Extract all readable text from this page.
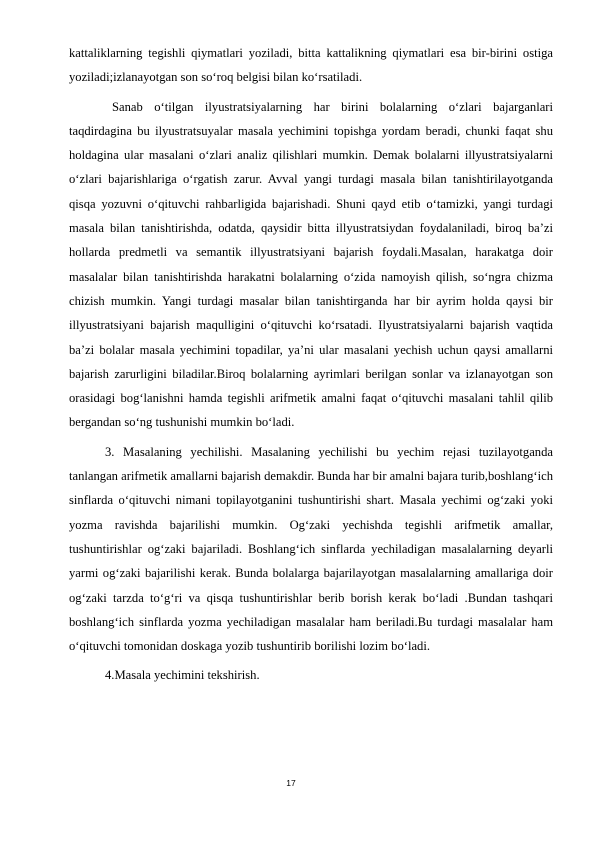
kattaliklarning tegishli qiymatlari yoziladi, bitta kattalikning qiymatlari esa bir-birini ostiga yoziladi;izlanayotgan son so‘roq belgisi bilan ko‘rsatiladi.

Sanab o‘tilgan ilyustratsiyalarning har birini bolalarning o‘zlari bajarganlari taqdirdagina bu ilyustratsuyalar masala yechimini topishga yordam beradi, chunki faqat shu holdagina ular masalani o‘zlari analiz qilishlari mumkin. Demak bolalarni illyustratsiyalarni o‘zlari bajarishlariga o‘rgatish zarur. Avval yangi turdagi masala bilan tanishtirilayotganda qisqa yozuvni o‘qituvchi rahbarligida bajarishadi. Shuni qayd etib o‘tamizki, yangi turdagi masala bilan tanishtirishda, odatda, qaysidir bitta illyustratsiydan foydalaniladi, biroq ba’zi hollarda predmetli va semantik illyustratsiyani bajarish foydali.Masalan, harakatga doir masalalar bilan tanishtirishda harakatni bolalarning o‘zida namoyish qilish, so‘ngra chizma chizish mumkin. Yangi turdagi masalar bilan tanishtirganda har bir ayrim holda qaysi bir illyustratsiyani bajarish maqulligini o‘qituvchi ko‘rsatadi. Ilyustratsiyalarni bajarish vaqtida ba’zi bolalar masala yechimini topadilar, ya’ni ular masalani yechish uchun qaysi amallarni bajarish zarurligini biladilar.Biroq bolalarning ayrimlari berilgan sonlar va izlanayotgan son orasidagi bog‘lanishni hamda tegishli arifmetik amalni faqat o‘qituvchi masalani tahlil qilib bergandan so‘ng tushunishi mumkin bo‘ladi.

3. Masalaning yechilishi. Masalaning yechilishi bu yechim rejasi tuzilayotganda tanlangan arifmetik amallarni bajarish demakdir. Bunda har bir amalni bajara turib,boshlang‘ich sinflarda o‘qituvchi nimani topilayotganini tushuntirishi shart. Masala yechimi og‘zaki yoki yozma ravishda bajarilishi mumkin. Og‘zaki yechishda tegishli arifmetik amallar, tushuntirishlar og‘zaki bajariladi. Boshlang‘ich sinflarda yechiladigan masalalarning deyarli yarmi og‘zaki bajarilishi kerak. Bunda bolalarga bajarilayotgan masalalarning amallariga doir og‘zaki tarzda to‘g‘ri va qisqa tushuntirishlar berib borish kerak bo‘ladi .Bundan tashqari boshlang‘ich sinflarda yozma yechiladigan masalalar ham beriladi.Bu turdagi masalalar ham o‘qituvchi tomonidan doskaga yozib tushuntirib borilishi lozim bo‘ladi.

4.Masala yechimini tekshirish.

17
